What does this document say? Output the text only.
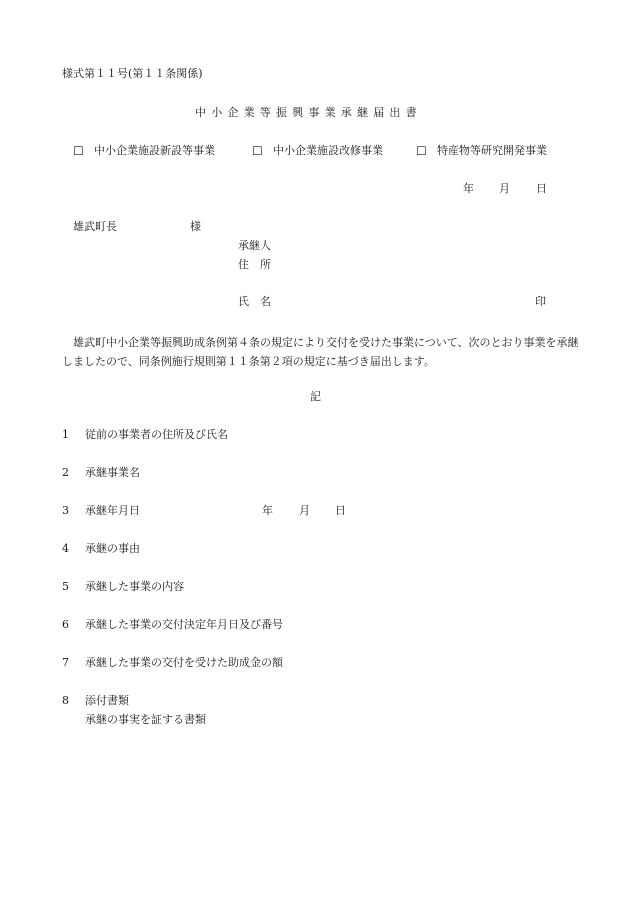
様式第１１号(第１１条関係)
中小企業等振興事業承継届出書
☐ 中小企業施設新設等事業	☐ 中小企業施設改修事業	☐ 特産物等研究開発事業
年 月 日
雄武町長	様
承継人
住　所
氏　名	印
雄武町中小企業等振興助成条例第４条の規定により交付を受けた事業について、次のとおり事業を承継しましたので、同条例施行規則第１１条第２項の規定に基づき届出します。
記
1 従前の事業者の住所及び氏名
2 承継事業名
3 承継年月日	年 月 日
4 承継の事由
5 承継した事業の内容
6 承継した事業の交付決定年月日及び番号
7 承継した事業の交付を受けた助成金の額
8 添付書類
承継の事実を証する書類
